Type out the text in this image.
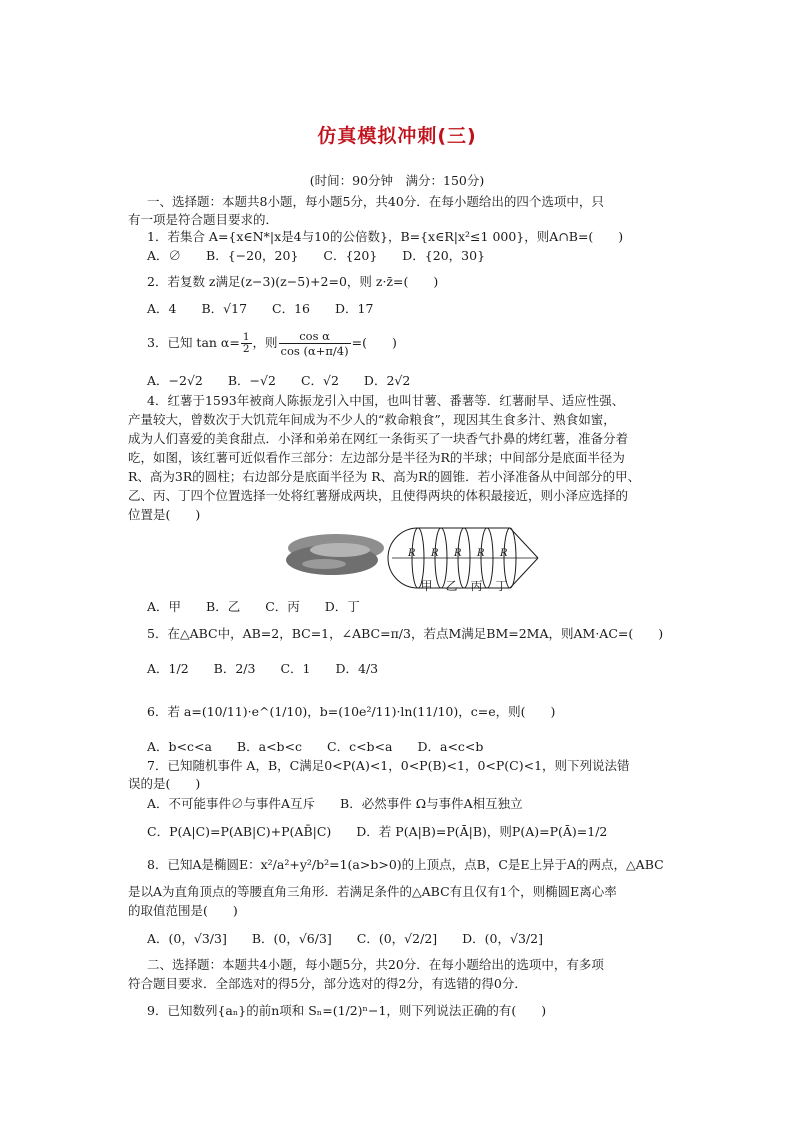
仿真模拟冲刺(三)
(时间：90分钟　满分：150分)
一、选择题：本题共8小题，每小题5分，共40分．在每小题给出的四个选项中，只
有一项是符合题目要求的．
1．若集合 A={x∈N*|x是4与10的公倍数}，B={x∈R|x²≤1 000}，则A∩B=(　　)
A．∅　　B．{−20，20}　　C．{20}　　D．{20，30}
2．若复数 z满足(z−3)(z−5)+2=0，则 z·z̄=(　　)
A．4　　B．√17　　C．16　　D．17
3．已知 $\tan \alpha= \frac{1}{2}$ ，则 $\frac{\text{cos α}}{\cos (\alpha+\pi/4)}$ =(　　)
A．−2√2　　B．−√2　　C．√2　　D．2√2
4．红薯于1593年被商人陈振龙引入中国，也叫甘薯、番薯等．红薯耐旱、适应性强、
产量较大，曾数次于大饥荒年间成为不少人的“救命粮食”，现因其生食多汁、熟食如蜜，
成为人们喜爱的美食甜点．小泽和弟弟在网红一条街买了一块香气扑鼻的烤红薯，准备分着
吃，如图，该红薯可近似看作三部分：左边部分是半径为R的半球；中间部分是底面半径为
R、高为3R的圆柱；右边部分是底面半径为 R、高为R的圆锥．若小泽准备从中间部分的甲、
乙、丙、丁四个位置选择一处将红薯掰成两块，且使得两块的体积最接近，则小泽应选择的
位置是(　　)
R R R R R
甲 乙 丙 丁
A．甲　　B．乙　　C．丙　　D．丁
5．在△ABC中，AB=2，BC=1，∠ABC=π/3，若点M满足BM=2MA，则AM·AC=(　　)
A．1/2　　B．2/3　　C．1　　D．4/3
6．若 a=(10/11)·e^(1/10)，b=(10e²/11)·ln(11/10)，c=e，则(　　)
A．b<c<a　　B．a<b<c　　C．c<b<a　　D．a<c<b
7．已知随机事件 A，B，C满足0<P(A)<1，0<P(B)<1，0<P(C)<1，则下列说法错
误的是(　　)
A．不可能事件∅与事件A互斥　　B．必然事件 Ω与事件A相互独立
C．P(A|C)=P(AB|C)+P(AB̄|C)　　D．若 P(A|B)=P(Ā|B)，则P(A)=P(Ā)=1/2
8．已知A是椭圆E：x²/a²+y²/b²=1(a>b>0)的上顶点，点B，C是E上异于A的两点，△ABC
是以A为直角顶点的等腰直角三角形．若满足条件的△ABC有且仅有1个，则椭圆E离心率
的取值范围是(　　)
A．(0，√3/3]　　B．(0，√6/3]　　C．(0，√2/2]　　D．(0，√3/2]
二、选择题：本题共4小题，每小题5分，共20分．在每小题给出的选项中，有多项
符合题目要求．全部选对的得5分，部分选对的得2分，有选错的得0分．
9．已知数列{aₙ}的前n项和 Sₙ=(1/2)ⁿ−1，则下列说法正确的有(　　)
